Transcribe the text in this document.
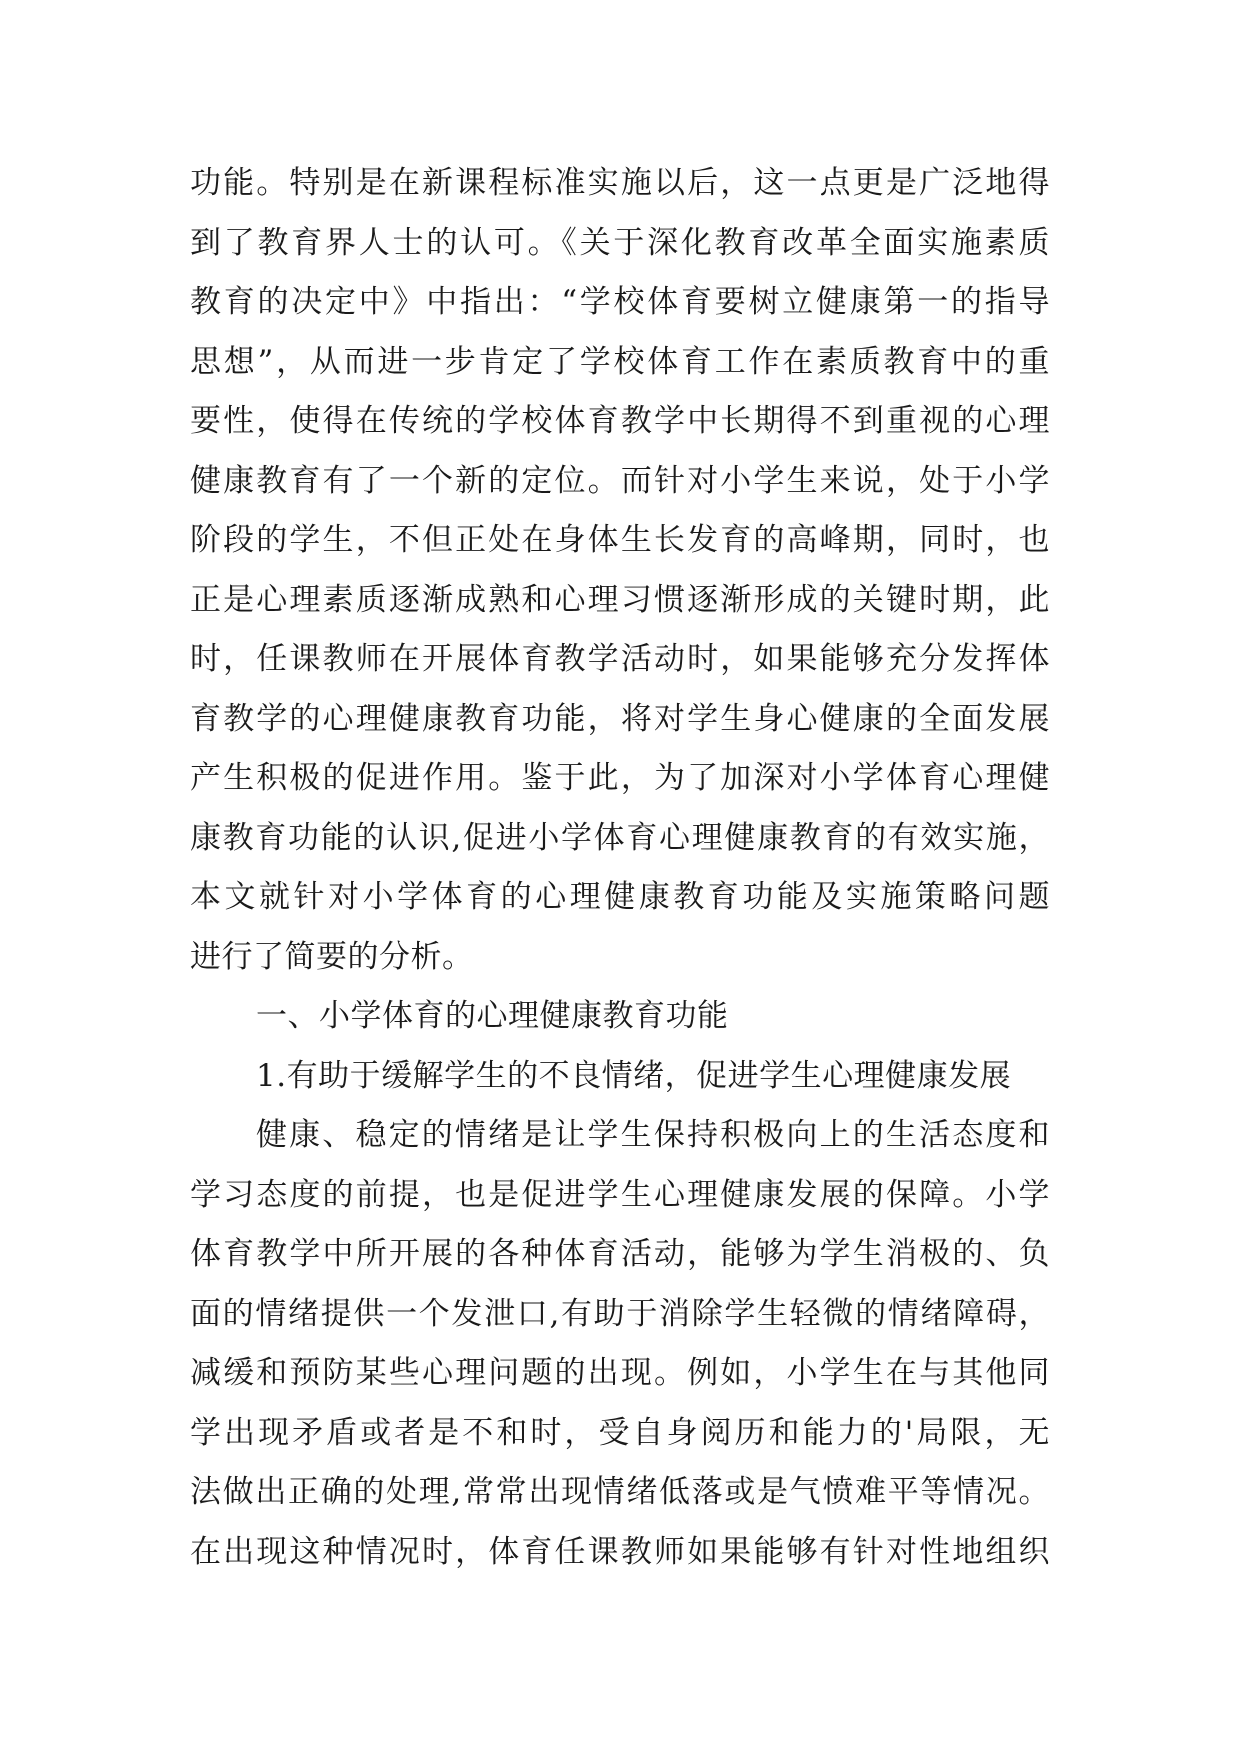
功能。特别是在新课程标准实施以后，这一点更是广泛地得
到了教育界人士的认可。《关于深化教育改革全面实施素质
教育的决定中》中指出：“学校体育要树立健康第一的指导
思想”，从而进一步肯定了学校体育工作在素质教育中的重
要性，使得在传统的学校体育教学中长期得不到重视的心理
健康教育有了一个新的定位。而针对小学生来说，处于小学
阶段的学生，不但正处在身体生长发育的高峰期，同时，也
正是心理素质逐渐成熟和心理习惯逐渐形成的关键时期，此
时，任课教师在开展体育教学活动时，如果能够充分发挥体
育教学的心理健康教育功能，将对学生身心健康的全面发展
产生积极的促进作用。鉴于此，为了加深对小学体育心理健
康教育功能的认识,促进小学体育心理健康教育的有效实施，
本文就针对小学体育的心理健康教育功能及实施策略问题
进行了简要的分析。
一、小学体育的心理健康教育功能
1.有助于缓解学生的不良情绪，促进学生心理健康发展
健康、稳定的情绪是让学生保持积极向上的生活态度和
学习态度的前提，也是促进学生心理健康发展的保障。小学
体育教学中所开展的各种体育活动，能够为学生消极的、负
面的情绪提供一个发泄口,有助于消除学生轻微的情绪障碍，
减缓和预防某些心理问题的出现。例如，小学生在与其他同
学出现矛盾或者是不和时，受自身阅历和能力的'局限，无
法做出正确的处理,常常出现情绪低落或是气愤难平等情况。
在出现这种情况时，体育任课教师如果能够有针对性地组织
